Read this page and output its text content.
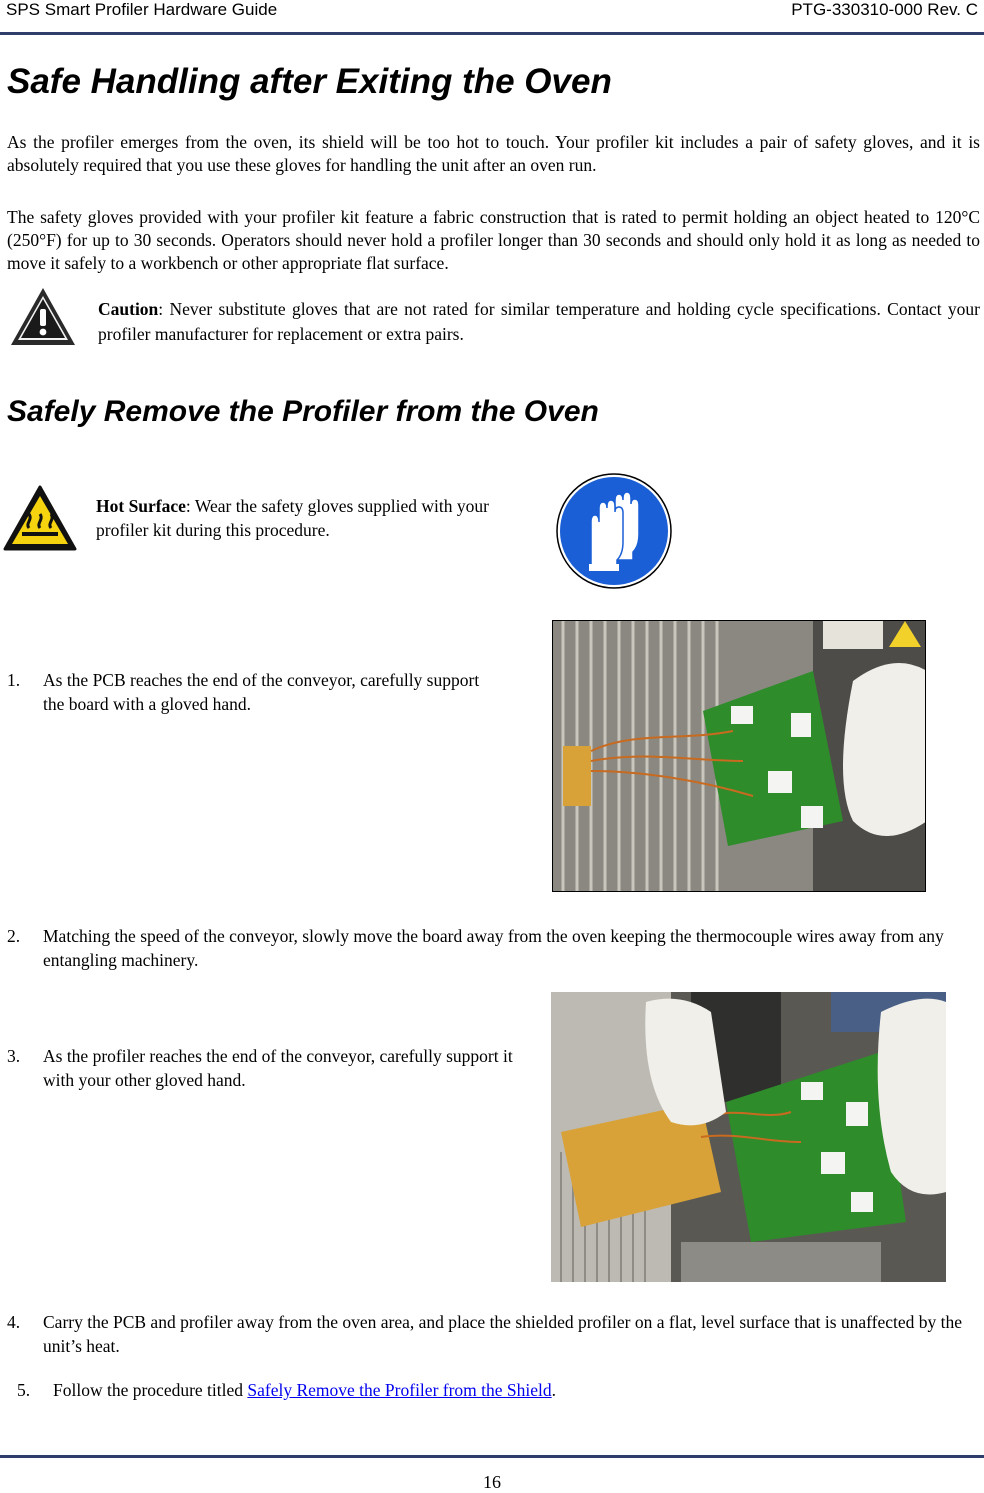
SPS Smart Profiler Hardware Guide	PTG-330310-000 Rev. C
Safe Handling after Exiting the Oven
As the profiler emerges from the oven, its shield will be too hot to touch. Your profiler kit includes a pair of safety gloves, and it is absolutely required that you use these gloves for handling the unit after an oven run.
The safety gloves provided with your profiler kit feature a fabric construction that is rated to permit holding an object heated to 120°C (250°F) for up to 30 seconds. Operators should never hold a profiler longer than 30 seconds and should only hold it as long as needed to move it safely to a workbench or other appropriate flat surface.
Caution: Never substitute gloves that are not rated for similar temperature and holding cycle specifications. Contact your profiler manufacturer for replacement or extra pairs.
Safely Remove the Profiler from the Oven
Hot Surface: Wear the safety gloves supplied with your profiler kit during this procedure.
1. As the PCB reaches the end of the conveyor, carefully support the board with a gloved hand.
2. Matching the speed of the conveyor, slowly move the board away from the oven keeping the thermocouple wires away from any entangling machinery.
3. As the profiler reaches the end of the conveyor, carefully support it with your other gloved hand.
4. Carry the PCB and profiler away from the oven area, and place the shielded profiler on a flat, level surface that is unaffected by the unit’s heat.
5. Follow the procedure titled Safely Remove the Profiler from the Shield.
16
